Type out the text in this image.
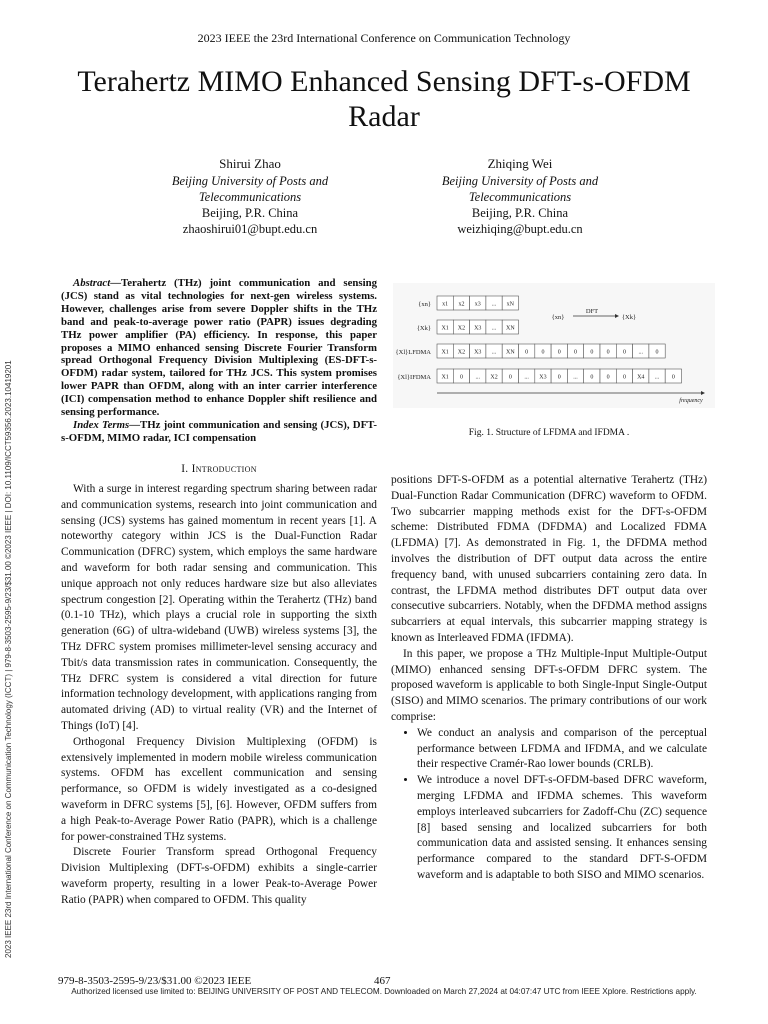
2023 IEEE the 23rd International Conference on Communication Technology
Terahertz MIMO Enhanced Sensing DFT-s-OFDM Radar
Shirui Zhao
Beijing University of Posts and
Telecommunications
Beijing, P.R. China
zhaoshirui01@bupt.edu.cn
Zhiqing Wei
Beijing University of Posts and
Telecommunications
Beijing, P.R. China
weizhiqing@bupt.edu.cn
2023 IEEE 23rd International Conference on Communication Technology (ICCT) | 979-8-3503-2595-9/23/$31.00 ©2023 IEEE | DOI: 10.1109/ICCT59356.2023.10419201

Abstract—Terahertz (THz) joint communication and sensing (JCS) stand as vital technologies for next-gen wireless systems. However, challenges arise from severe Doppler shifts in the THz band and peak-to-average power ratio (PAPR) issues degrading THz power amplifier (PA) efficiency. In response, this paper proposes a MIMO enhanced sensing Discrete Fourier Transform spread Orthogonal Frequency Division Multiplexing (ES-DFT-s-OFDM) radar system, tailored for THz JCS. This system promises lower PAPR than OFDM, along with an inter carrier interference (ICI) compensation method to enhance Doppler shift resilience and sensing performance.

Index Terms—THz joint communication and sensing (JCS), DFT-s-OFDM, MIMO radar, ICI compensation

I. Introduction

With a surge in interest regarding spectrum sharing between radar and communication systems, research into joint communication and sensing (JCS) systems has gained momentum in recent years [1]. A noteworthy category within JCS is the Dual-Function Radar Communication (DFRC) system, which employs the same hardware and waveform for both radar sensing and communication. This unique approach not only reduces hardware size but also alleviates spectrum congestion [2]. Operating within the Terahertz (THz) band (0.1-10 THz), which plays a crucial role in supporting the sixth generation (6G) of ultra-wideband (UWB) wireless systems [3], the THz DFRC system promises millimeter-level sensing accuracy and Tbit/s data transmission rates in communication. Consequently, the THz DFRC system is considered a vital direction for future information technology development, with applications ranging from automated driving (AD) to virtual reality (VR) and the Internet of Things (IoT) [4].

Orthogonal Frequency Division Multiplexing (OFDM) is extensively implemented in modern mobile wireless communication systems. OFDM has excellent communication and sensing performance, so OFDM is widely investigated as a co-designed waveform in DFRC systems [5], [6]. However, OFDM suffers from a high Peak-to-Average Power Ratio (PAPR), which is a challenge for power-constrained THz systems.

Discrete Fourier Transform spread Orthogonal Frequency Division Multiplexing (DFT-s-OFDM) exhibits a single-carrier waveform property, resulting in a lower Peak-to-Average Power Ratio (PAPR) when compared to OFDM. This quality

{xn} x1 x2 x3 ... xN
{Xk} X1 X2 X3 ... XN
{Xl}LFDMA X1 X2 X3 ... XN 0 0 0 0 0 0 0 ... 0
{Xl}IFDMA X1 0 ... X2 0 ... X3 0 ... 0 0 0 X4 ... 0
DFT
{xn}	{Xk}
frequency
Fig. 1. Structure of LFDMA and IFDMA .

positions DFT-S-OFDM as a potential alternative Terahertz (THz) Dual-Function Radar Communication (DFRC) waveform to OFDM. Two subcarrier mapping methods exist for the DFT-s-OFDM scheme: Distributed FDMA (DFDMA) and Localized FDMA (LFDMA) [7]. As demonstrated in Fig. 1, the DFDMA method involves the distribution of DFT output data across the entire frequency band, with unused subcarriers containing zero data. In contrast, the LFDMA method distributes DFT output data over consecutive subcarriers. Notably, when the DFDMA method assigns subcarriers at equal intervals, this subcarrier mapping strategy is known as Interleaved FDMA (IFDMA).

In this paper, we propose a THz Multiple-Input Multiple-Output (MIMO) enhanced sensing DFT-s-OFDM DFRC system. The proposed waveform is applicable to both Single-Input Single-Output (SISO) and MIMO scenarios. The primary contributions of our work comprise:

• We conduct an analysis and comparison of the perceptual performance between LFDMA and IFDMA, and we calculate their respective Cramér-Rao lower bounds (CRLB).
• We introduce a novel DFT-s-OFDM-based DFRC waveform, merging LFDMA and IFDMA schemes. This waveform employs interleaved subcarriers for Zadoff-Chu (ZC) sequence [8] based sensing and localized subcarriers for both communication data and assisted sensing. It enhances sensing performance compared to the standard DFT-S-OFDM waveform and is adaptable to both SISO and MIMO scenarios.
979-8-3503-2595-9/23/$31.00 ©2023 IEEE	467
Authorized licensed use limited to: BEIJING UNIVERSITY OF POST AND TELECOM. Downloaded on March 27,2024 at 04:07:47 UTC from IEEE Xplore. Restrictions apply.
